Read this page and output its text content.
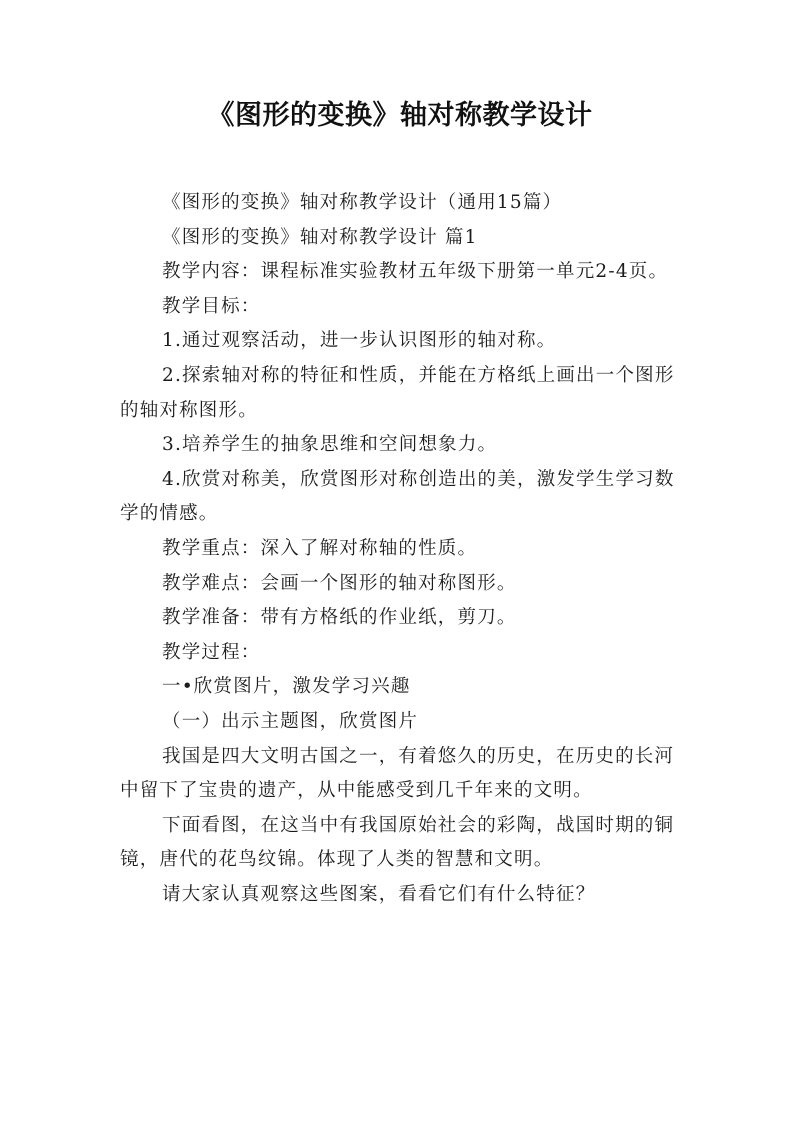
《图形的变换》轴对称教学设计

《图形的变换》轴对称教学设计（通用15篇）

《图形的变换》轴对称教学设计 篇1

教学内容：课程标准实验教材五年级下册第一单元2-4页。

教学目标：

1.通过观察活动，进一步认识图形的轴对称。

2.探索轴对称的特征和性质，并能在方格纸上画出一个图形的轴对称图形。

3.培养学生的抽象思维和空间想象力。

4.欣赏对称美，欣赏图形对称创造出的美，激发学生学习数学的情感。

教学重点：深入了解对称轴的性质。

教学难点：会画一个图形的轴对称图形。

教学准备：带有方格纸的作业纸，剪刀。

教学过程：

一•欣赏图片，激发学习兴趣

（一）出示主题图，欣赏图片

我国是四大文明古国之一，有着悠久的历史，在历史的长河中留下了宝贵的遗产，从中能感受到几千年来的文明。

下面看图，在这当中有我国原始社会的彩陶，战国时期的铜镜，唐代的花鸟纹锦。体现了人类的智慧和文明。

请大家认真观察这些图案，看看它们有什么特征？
